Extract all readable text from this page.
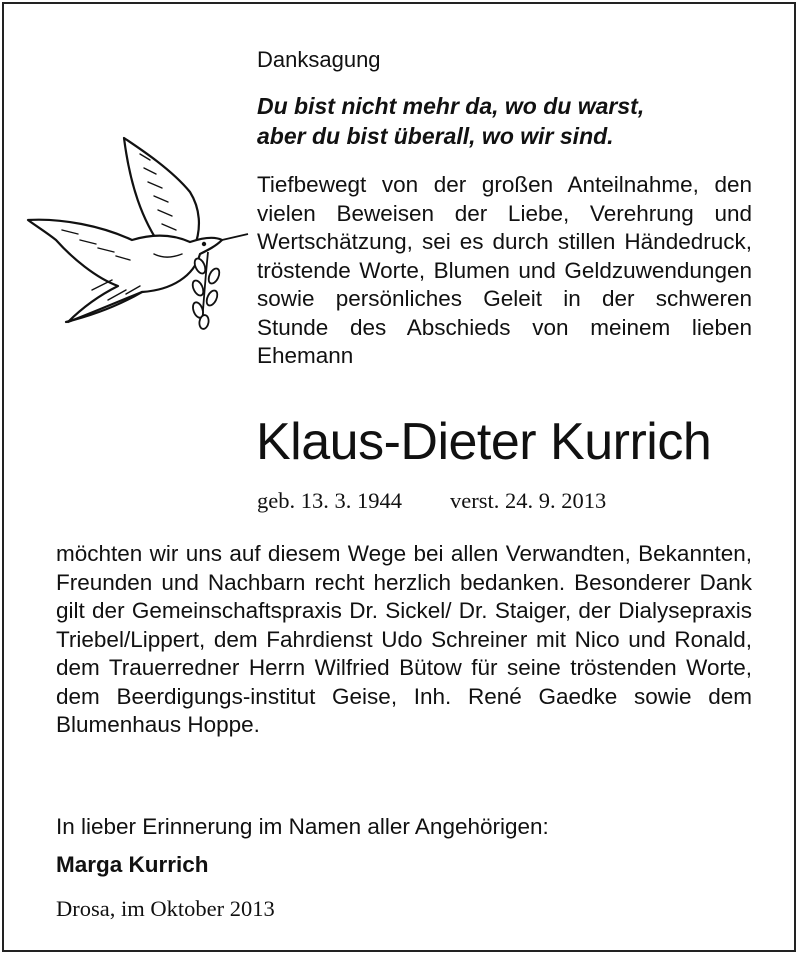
Danksagung
Du bist nicht mehr da, wo du warst,
aber du bist überall, wo wir sind.
Tiefbewegt von der großen Anteilnahme, den vielen Beweisen der Liebe, Verehrung und Wertschätzung, sei es durch stillen Händedruck, tröstende Worte, Blumen und Geldzuwendungen sowie persönliches Geleit in der schweren Stunde des Abschieds von meinem lieben Ehemann
Klaus-Dieter Kurrich
geb. 13. 3. 1944 verst. 24. 9. 2013
möchten wir uns auf diesem Wege bei allen Verwandten, Bekannten, Freunden und Nachbarn recht herzlich bedanken. Besonderer Dank gilt der Gemeinschaftspraxis Dr. Sickel/ Dr. Staiger, der Dialysepraxis Triebel/Lippert, dem Fahrdienst Udo Schreiner mit Nico und Ronald, dem Trauerredner Herrn Wilfried Bütow für seine tröstenden Worte, dem Beerdigungs-institut Geise, Inh. René Gaedke sowie dem Blumenhaus Hoppe.
In lieber Erinnerung im Namen aller Angehörigen:
Marga Kurrich
Drosa, im Oktober 2013
